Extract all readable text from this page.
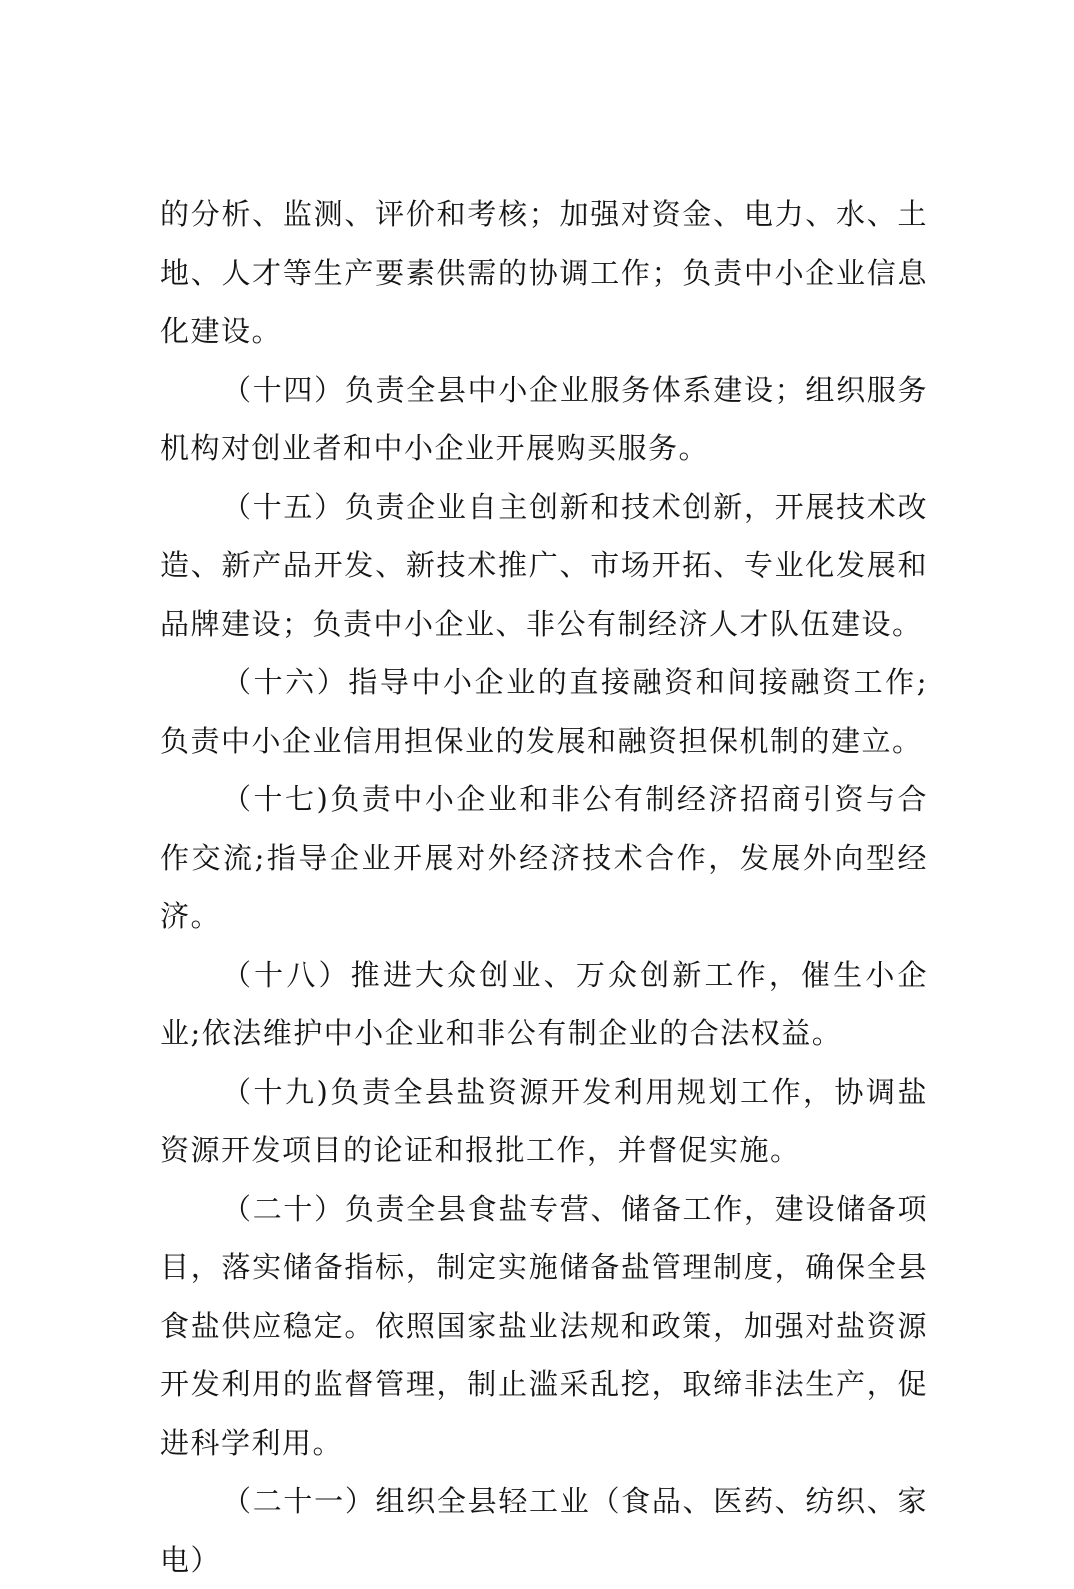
的分析、监测、评价和考核；加强对资金、电力、水、土地、人才等生产要素供需的协调工作；负责中小企业信息化建设。

（十四）负责全县中小企业服务体系建设；组织服务机构对创业者和中小企业开展购买服务。

（十五）负责企业自主创新和技术创新，开展技术改造、新产品开发、新技术推广、市场开拓、专业化发展和品牌建设；负责中小企业、非公有制经济人才队伍建设。

（十六）指导中小企业的直接融资和间接融资工作;负责中小企业信用担保业的发展和融资担保机制的建立。

（十七)负责中小企业和非公有制经济招商引资与合作交流;指导企业开展对外经济技术合作，发展外向型经济。

（十八）推进大众创业、万众创新工作，催生小企业;依法维护中小企业和非公有制企业的合法权益。

（十九)负责全县盐资源开发利用规划工作，协调盐资源开发项目的论证和报批工作，并督促实施。

（二十）负责全县食盐专营、储备工作，建设储备项目，落实储备指标，制定实施储备盐管理制度，确保全县食盐供应稳定。依照国家盐业法规和政策，加强对盐资源开发利用的监督管理，制止滥采乱挖，取缔非法生产，促进科学利用。

（二十一）组织全县轻工业（食品、医药、纺织、家电）
